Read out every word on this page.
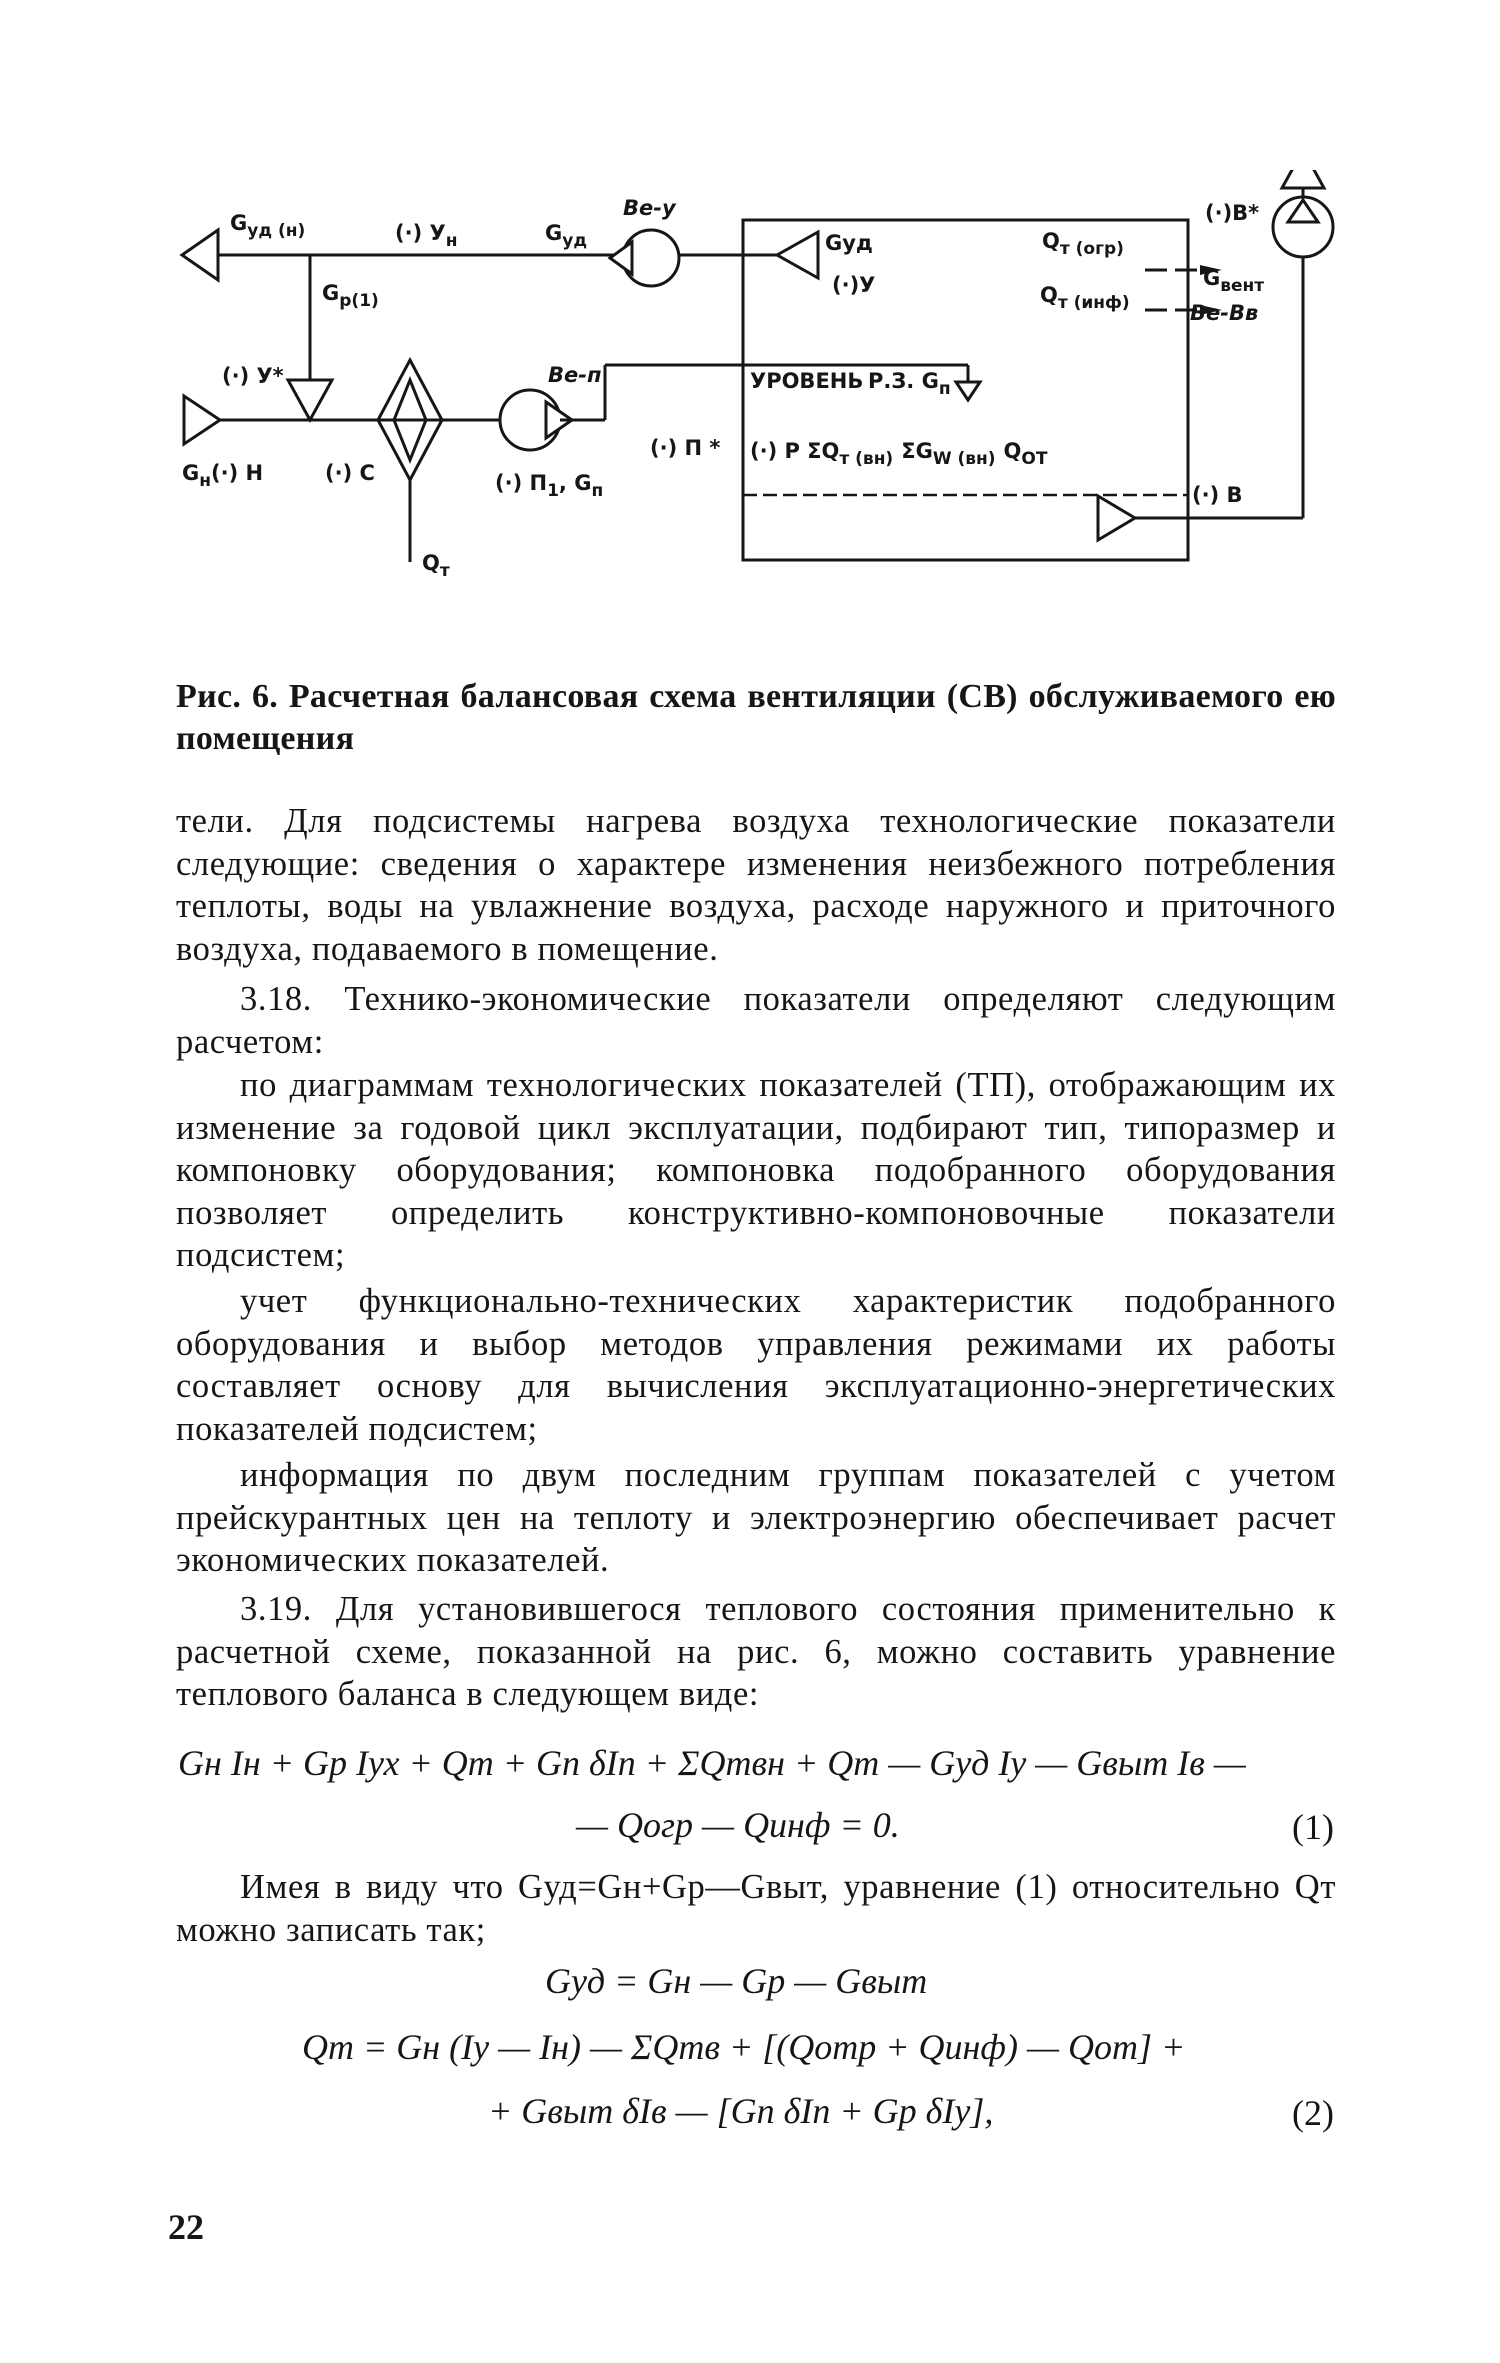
(·)В*
$G_{вент}$
Ве-Вв
$G_{уд (н)}$	(·) $У_н$	$G_{уд}$
Ве-у
Gуд
(·)У
$Q_{т (огр)}$
$Q_{т (инф)}$
$G_{р(1)}$
(·) У*	Ве-п	УРОВЕНЬ Р.З. $G_п$
(·) П * (·) Р $\Sigma Q_{т (вн)}$ $\Sigma G_{W (вн)}$ $Q_{ОТ}$
$G_н(\cdot)$ Н	(·) С	(·) $П_1$, $G_п$	(·) В
$Q_т$
Рис. 6. Расчетная балансовая схема вентиляции (СВ) обслуживаемого ею помещения
тели. Для подсистемы нагрева воздуха технологические показатели следующие: сведения о характере изменения неизбежного потребления теплоты, воды на увлажнение воздуха, расходе наружного и приточного воздуха, подаваемого в помещение.
3.18. Технико-экономические показатели определяют следующим расчетом:
по диаграммам технологических показателей (ТП), отображающим их изменение за годовой цикл эксплуатации, подбирают тип, типоразмер и компоновку оборудования; компоновка подобранного оборудования позволяет определить конструктивно-компоновочные показатели подсистем;
учет функционально-технических характеристик подобранного оборудования и выбор методов управления режимами их работы составляет основу для вычисления эксплуатационно-энергетических показателей подсистем;
информация по двум последним группам показателей с учетом прейскурантных цен на теплоту и электроэнергию обеспечивает расчет экономических показателей.
3.19. Для установившегося теплового состояния применительно к расчетной схеме, показанной на рис. 6, можно составить уравнение теплового баланса в следующем виде:
Gн Iн + Gр Iух + Qт + Gп δIп + ΣQтвн + Qт — Gуд Iу — Gвыт Iв —
— Qогр — Qинф = 0.	(1)
Имея в виду что Gуд=Gн+Gр—Gвыт, уравнение (1) относительно Qт можно записать так;
Gуд = Gн — Gр — Gвыт
Qт = Gн (Iу — Iн) — ΣQтв + [(Qотр + Qинф) — Qот] +
+ Gвыт δIв — [Gп δIп + Gр δIу],	(2)
22
